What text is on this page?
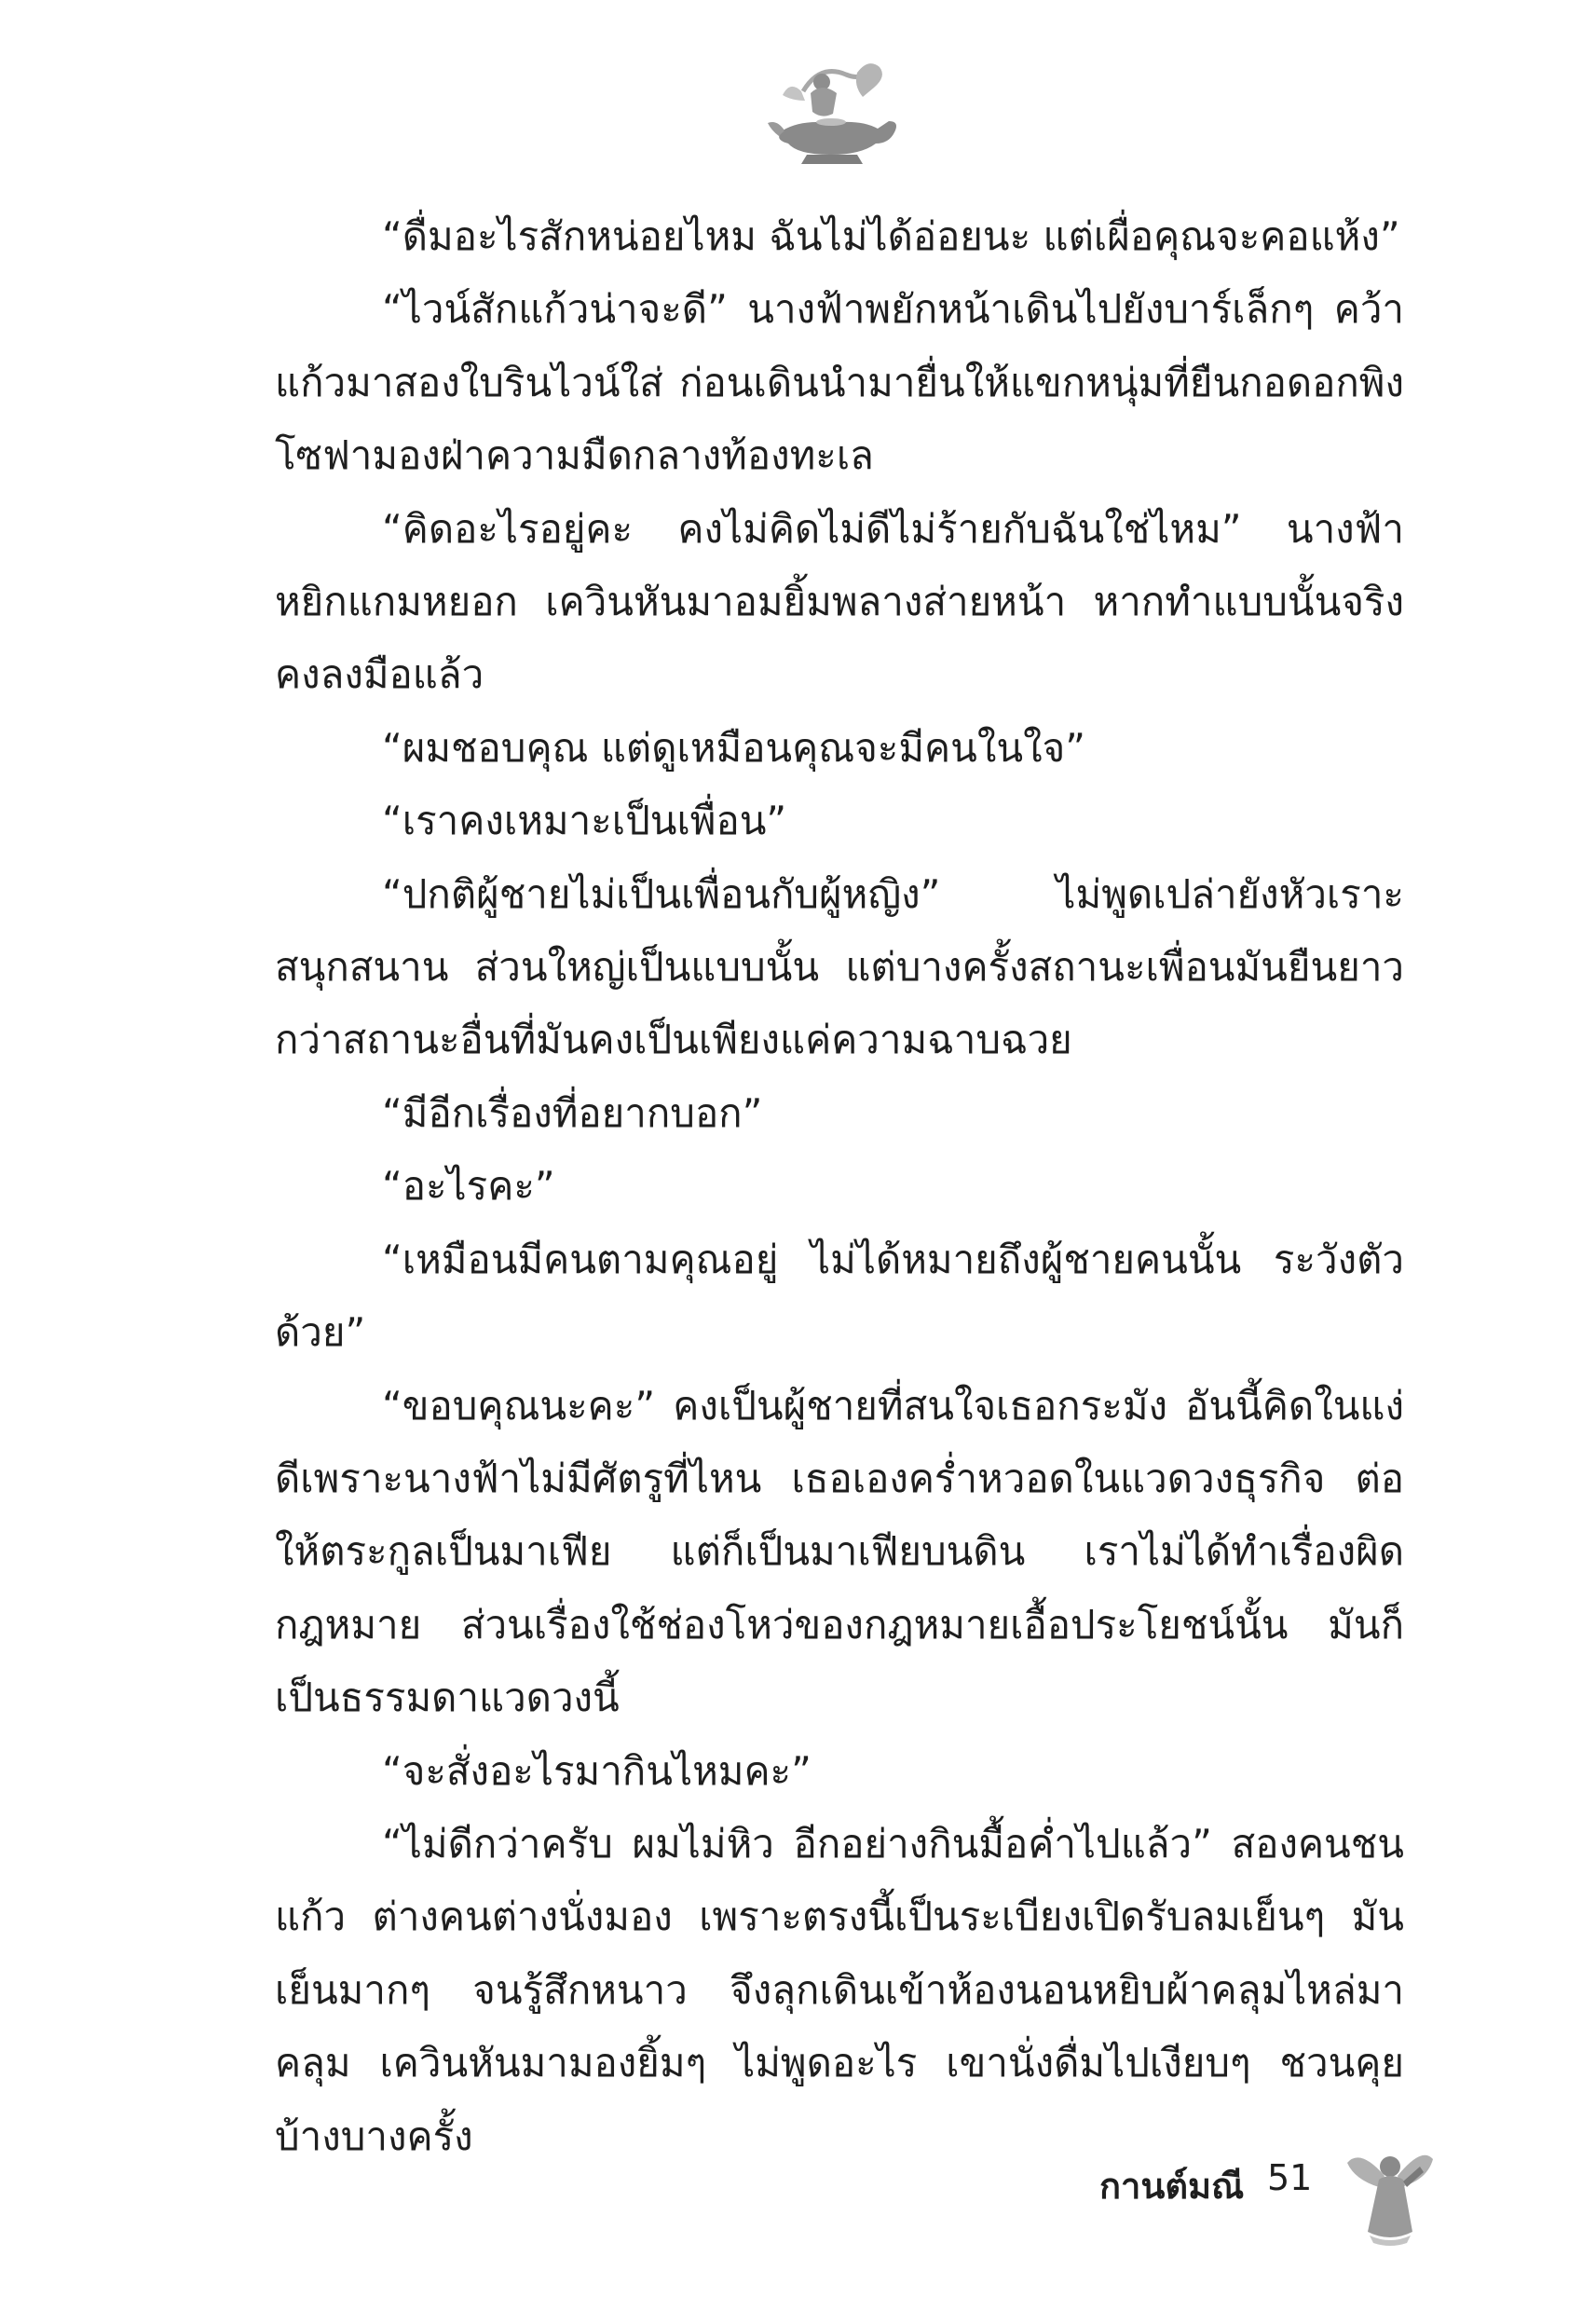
“ดื่มอะไรสักหน่อยไหม ฉันไม่ได้อ่อยนะ แต่เผื่อคุณจะคอแห้ง”

“ไวน์สักแก้วน่าจะดี” นางฟ้าพยักหน้าเดินไปยังบาร์เล็กๆ คว้าแก้วมาสองใบรินไวน์ใส่ ก่อนเดินนำมายื่นให้แขกหนุ่มที่ยืนกอดอกพิงโซฟามองฝ่าความมืดกลางท้องทะเล

“คิดอะไรอยู่คะ คงไม่คิดไม่ดีไม่ร้ายกับฉันใช่ไหม” นางฟ้าหยิกแกมหยอก เควินหันมาอมยิ้มพลางส่ายหน้า หากทำแบบนั้นจริงคงลงมือแล้ว

“ผมชอบคุณ แต่ดูเหมือนคุณจะมีคนในใจ”

“เราคงเหมาะเป็นเพื่อน”

“ปกติผู้ชายไม่เป็นเพื่อนกับผู้หญิง” ไม่พูดเปล่ายังหัวเราะสนุกสนาน ส่วนใหญ่เป็นแบบนั้น แต่บางครั้งสถานะเพื่อนมันยืนยาวกว่าสถานะอื่นที่มันคงเป็นเพียงแค่ความฉาบฉวย

“มีอีกเรื่องที่อยากบอก”

“อะไรคะ”

“เหมือนมีคนตามคุณอยู่ ไม่ได้หมายถึงผู้ชายคนนั้น ระวังตัวด้วย”

“ขอบคุณนะคะ” คงเป็นผู้ชายที่สนใจเธอกระมัง อันนี้คิดในแง่ดีเพราะนางฟ้าไม่มีศัตรูที่ไหน เธอเองคร่ำหวอดในแวดวงธุรกิจ ต่อให้ตระกูลเป็นมาเฟีย แต่ก็เป็นมาเฟียบนดิน เราไม่ได้ทำเรื่องผิดกฎหมาย ส่วนเรื่องใช้ช่องโหว่ของกฎหมายเอื้อประโยชน์นั้น มันก็เป็นธรรมดาแวดวงนี้

“จะสั่งอะไรมากินไหมคะ”

“ไม่ดีกว่าครับ ผมไม่หิว อีกอย่างกินมื้อค่ำไปแล้ว” สองคนชนแก้ว ต่างคนต่างนั่งมอง เพราะตรงนี้เป็นระเบียงเปิดรับลมเย็นๆ มันเย็นมากๆ จนรู้สึกหนาว จึงลุกเดินเข้าห้องนอนหยิบผ้าคลุมไหล่มาคลุม เควินหันมามองยิ้มๆ ไม่พูดอะไร เขานั่งดื่มไปเงียบๆ ชวนคุยบ้างบางครั้ง

กานต์มณี 51
